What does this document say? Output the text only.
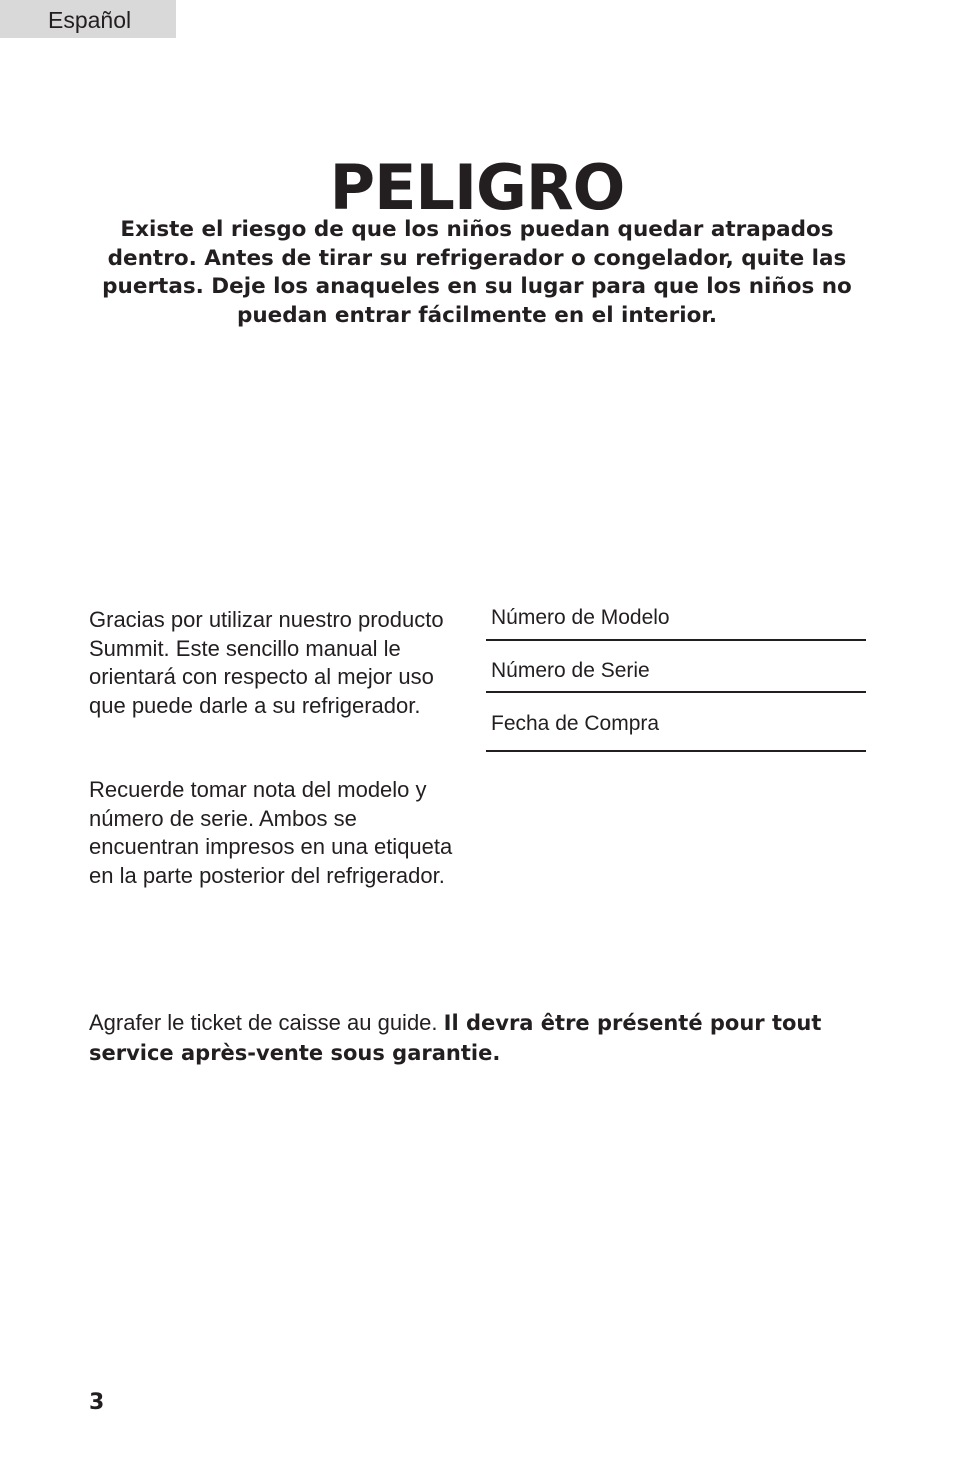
Español
PELIGRO

Existe el riesgo de que los niños puedan quedar atrapados dentro. Antes de tirar su refrigerador o congelador, quite las puertas. Deje los anaqueles en su lugar para que los niños no puedan entrar fácilmente en el interior.

Gracias por utilizar nuestro producto Summit. Este sencillo manual le orientará con respecto al mejor uso que puede darle a su refrigerador.

Recuerde tomar nota del modelo y número de serie. Ambos se encuentran impresos en una etiqueta en la parte posterior del refrigerador.

Número de Modelo
Número de Serie
Fecha de Compra

Agrafer le ticket de caisse au guide. Il devra être présenté pour tout service après-vente sous garantie.

3
